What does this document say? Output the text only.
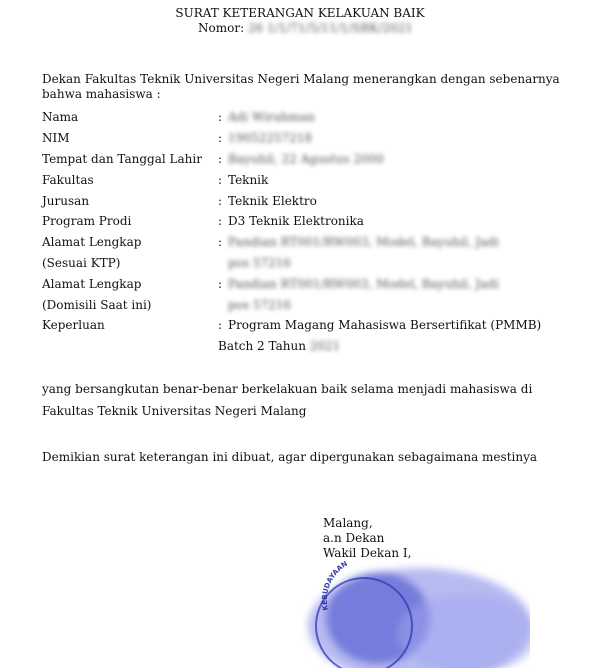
SURAT KETERANGAN KELAKUAN BAIK
Nomor: 26 1/1/71/5/11/1/SBK/2021
Dekan Fakultas Teknik Universitas Negeri Malang menerangkan dengan sebenarnya
bahwa mahasiswa :
Nama	: Adi Wirahman
NIM	: 19052257218
Tempat dan Tanggal Lahir : Bayuhil, 22 Agustus 2000
Fakultas	: Teknik
Jurusan	: Teknik Elektro
Program Prodi	: D3 Teknik Elektronika
Alamat Lengkap	: Pandian RT001/RW003, Model, Bayuhil, Jadi
(Sesuai KTP)	pos 57216
Alamat Lengkap	: Pandian RT001/RW003, Model, Bayuhil, Jadi
(Domisili Saat ini)	pos 57216
Keperluan	: Program Magang Mahasiswa Bersertifikat (PMMB)
Batch 2 Tahun 2021
yang bersangkutan benar-benar berkelakuan baik selama menjadi mahasiswa di
Fakultas Teknik Universitas Negeri Malang
Demikian surat keterangan ini dibuat, agar dipergunakan sebagaimana mestinya
Malang,
a.n Dekan
Wakil Dekan I,
KEBUDAYAAN
